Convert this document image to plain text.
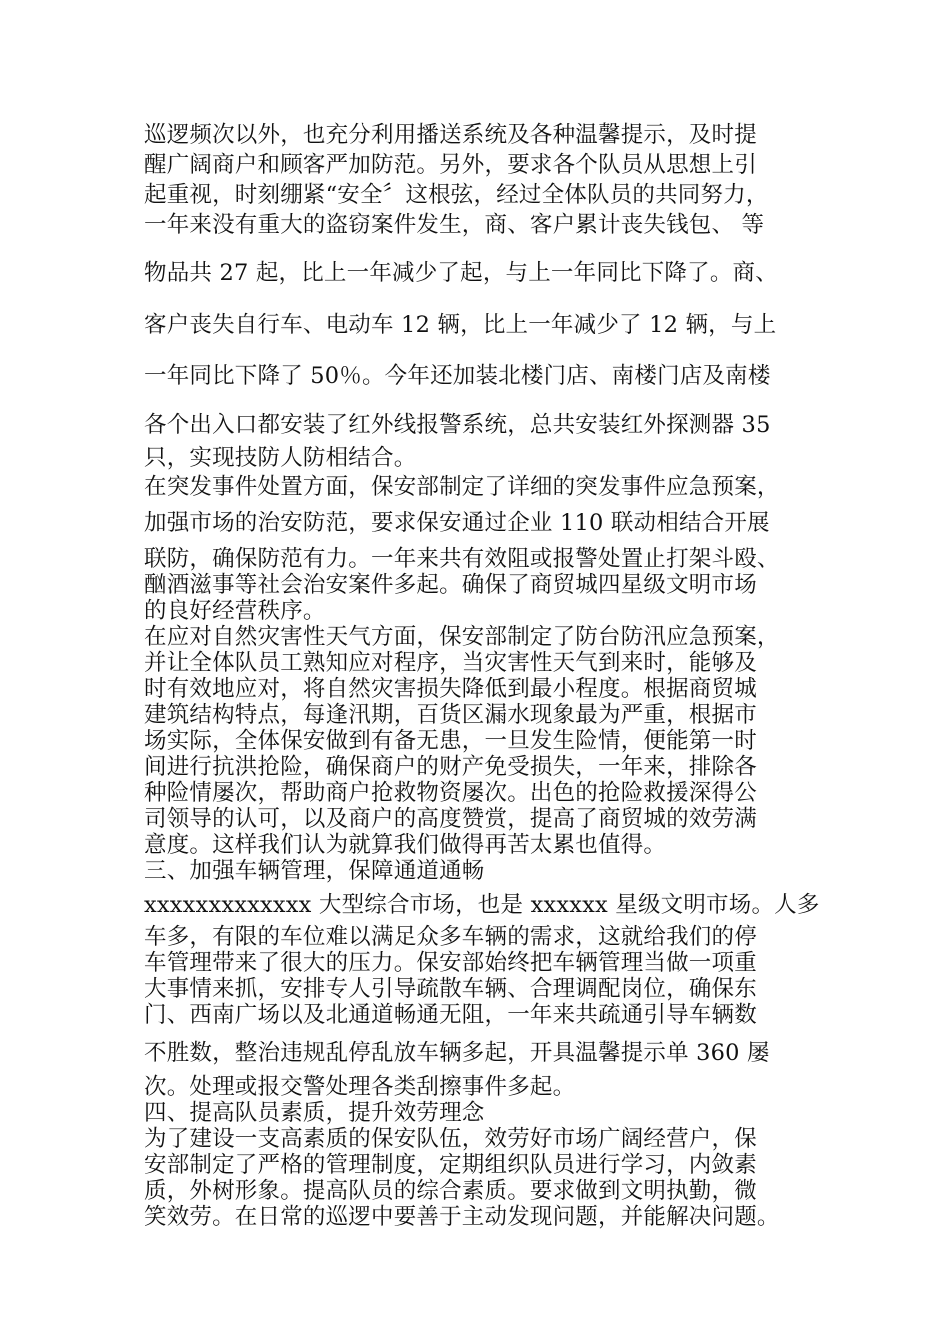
巡逻频次以外，也充分利用播送系统及各种温馨提示，及时提
醒广阔商户和顾客严加防范。另外，要求各个队员从思想上引
起重视，时刻绷紧“安全〞这根弦，经过全体队员的共同努力，
一年来没有重大的盗窃案件发生，商、客户累计丧失钱包、 等
物品共 27 起，比上一年减少了起，与上一年同比下降了。商、
客户丧失自行车、电动车 12 辆，比上一年减少了 12 辆，与上
一年同比下降了 50％。今年还加装北楼门店、南楼门店及南楼
各个出入口都安装了红外线报警系统，总共安装红外探测器 35
只，实现技防人防相结合。
在突发事件处置方面，保安部制定了详细的突发事件应急预案，
加强市场的治安防范，要求保安通过企业 110 联动相结合开展
联防，确保防范有力。一年来共有效阻或报警处置止打架斗殴、
酗酒滋事等社会治安案件多起。确保了商贸城四星级文明市场
的良好经营秩序。
在应对自然灾害性天气方面，保安部制定了防台防汛应急预案，
并让全体队员工熟知应对程序，当灾害性天气到来时，能够及
时有效地应对，将自然灾害损失降低到最小程度。根据商贸城
建筑结构特点，每逢汛期，百货区漏水现象最为严重，根据市
场实际，全体保安做到有备无患，一旦发生险情，便能第一时
间进行抗洪抢险，确保商户的财产免受损失，一年来，排除各
种险情屡次，帮助商户抢救物资屡次。出色的抢险救援深得公
司领导的认可，以及商户的高度赞赏，提高了商贸城的效劳满
意度。这样我们认为就算我们做得再苦太累也值得。
三、加强车辆管理，保障通道通畅
xxxxxxxxxxxxx 大型综合市场，也是 xxxxxx 星级文明市场。人多
车多，有限的车位难以满足众多车辆的需求，这就给我们的停
车管理带来了很大的压力。保安部始终把车辆管理当做一项重
大事情来抓，安排专人引导疏散车辆、合理调配岗位，确保东
门、西南广场以及北通道畅通无阻，一年来共疏通引导车辆数
不胜数，整治违规乱停乱放车辆多起，开具温馨提示单 360 屡
次。处理或报交警处理各类刮擦事件多起。
四、提高队员素质，提升效劳理念
为了建设一支高素质的保安队伍，效劳好市场广阔经营户，保
安部制定了严格的管理制度，定期组织队员进行学习，内敛素
质，外树形象。提高队员的综合素质。要求做到文明执勤，微
笑效劳。在日常的巡逻中要善于主动发现问题，并能解决问题。
